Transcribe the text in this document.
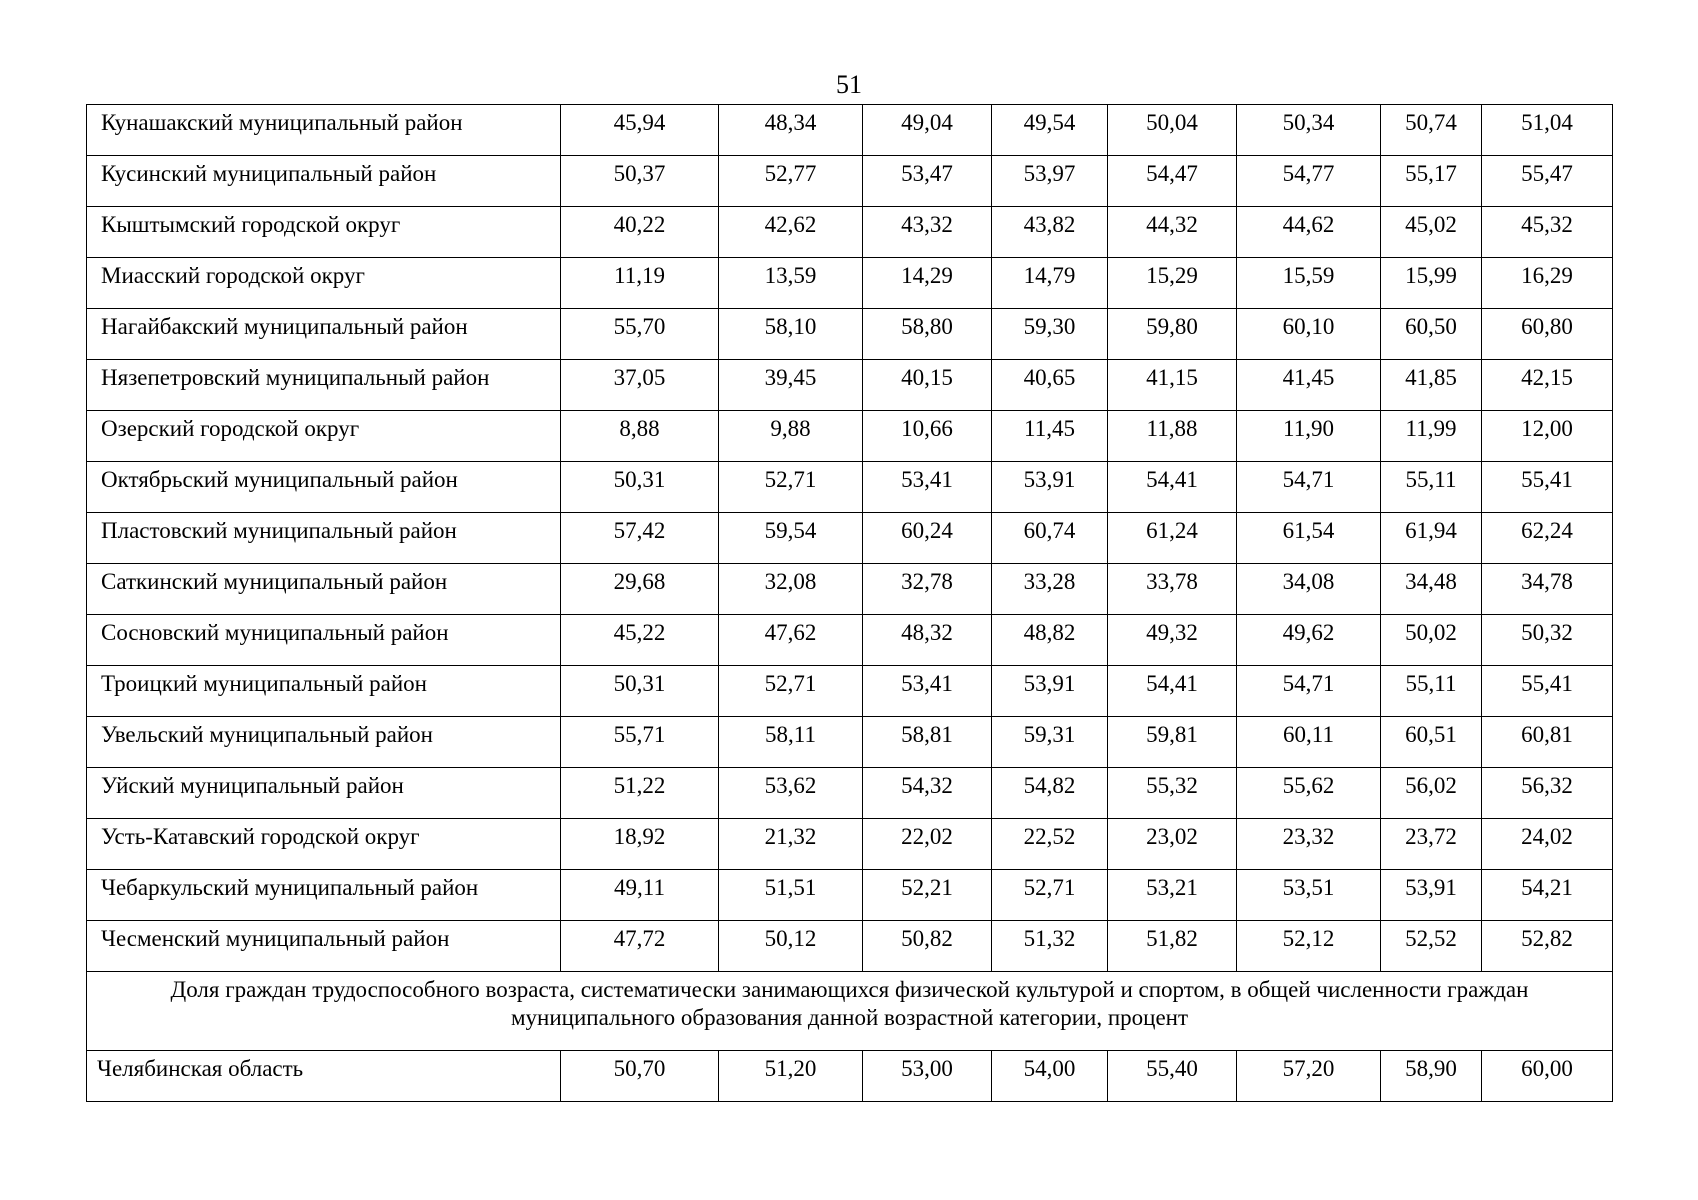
51
Кунашакский муниципальный район	45,94	48,34	49,04	49,54	50,04	50,34	50,74	51,04
Кусинский муниципальный район	50,37	52,77	53,47	53,97	54,47	54,77	55,17	55,47
Кыштымский городской округ	40,22	42,62	43,32	43,82	44,32	44,62	45,02	45,32
Миасский городской округ	11,19	13,59	14,29	14,79	15,29	15,59	15,99	16,29
Нагайбакский муниципальный район	55,70	58,10	58,80	59,30	59,80	60,10	60,50	60,80
Нязепетровский муниципальный район	37,05	39,45	40,15	40,65	41,15	41,45	41,85	42,15
Озерский городской округ	8,88	9,88	10,66	11,45	11,88	11,90	11,99	12,00
Октябрьский муниципальный район	50,31	52,71	53,41	53,91	54,41	54,71	55,11	55,41
Пластовский муниципальный район	57,42	59,54	60,24	60,74	61,24	61,54	61,94	62,24
Саткинский муниципальный район	29,68	32,08	32,78	33,28	33,78	34,08	34,48	34,78
Сосновский муниципальный район	45,22	47,62	48,32	48,82	49,32	49,62	50,02	50,32
Троицкий муниципальный район	50,31	52,71	53,41	53,91	54,41	54,71	55,11	55,41
Увельский муниципальный район	55,71	58,11	58,81	59,31	59,81	60,11	60,51	60,81
Уйский муниципальный район	51,22	53,62	54,32	54,82	55,32	55,62	56,02	56,32
Усть-Катавский городской округ	18,92	21,32	22,02	22,52	23,02	23,32	23,72	24,02
Чебаркульский муниципальный район	49,11	51,51	52,21	52,71	53,21	53,51	53,91	54,21
Чесменский муниципальный район	47,72	50,12	50,82	51,32	51,82	52,12	52,52	52,82

Доля граждан трудоспособного возраста, систематически занимающихся физической культурой и спортом, в общей численности граждан
муниципального образования данной возрастной категории, процент								

Челябинская область	50,70	51,20	53,00	54,00	55,40	57,20	58,90	60,00
